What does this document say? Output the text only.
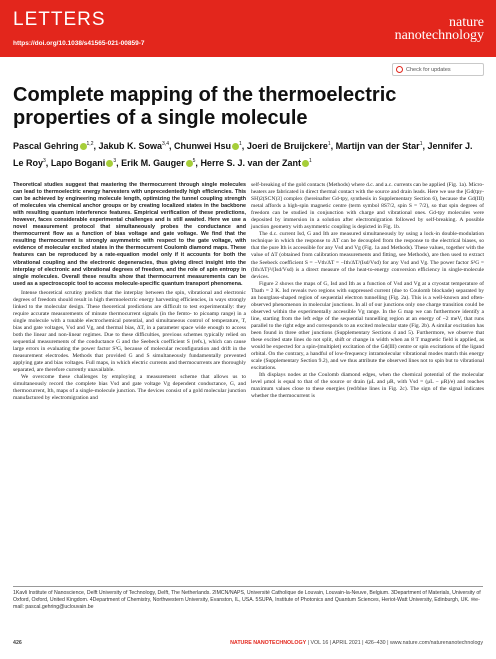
LETTERS
https://doi.org/10.1038/s41565-021-00859-7
nature
nanotechnology
Check for updates
Complete mapping of the thermoelectric properties of a single molecule
Pascal Gehring $^{1,2}$, Jakub K. Sowa$^{3,4}$, Chunwei Hsu $^1$, Joeri de Bruijckere$^1$, Martijn van der Star$^1$, Jennifer J. Le Roy$^3$, Lapo Bogani $^3$, Erik M. Gauger $^5$, Herre S. J. van der Zant $^1$

Theoretical studies suggest that mastering the thermocurrent through single molecules can lead to thermoelectric energy harvesters with unprecedentedly high efficiencies. This can be achieved by engineering molecule length, optimizing the tunnel coupling strength of molecules via chemical anchor groups or by creating localized states in the backbone with resulting quantum interference features. Empirical verification of these predictions, however, faces considerable experimental challenges and is still awaited. Here we use a novel measurement protocol that simultaneously probes the conductance and thermocurrent flow as a function of bias voltage and gate voltage. We find that the resulting thermocurrent is strongly asymmetric with respect to the gate voltage, with evidence of molecular excited states in the thermocurrent Coulomb diamond maps. These features can be reproduced by a rate-equation model only if it accounts for both the vibrational coupling and the electronic degeneracies, thus giving direct insight into the interplay of electronic and vibrational degrees of freedom, and the role of spin entropy in single molecules. Overall these results show that thermocurrent measurements can be used as a spectroscopic tool to access molecule-specific quantum transport phenomena.

Intense theoretical scrutiny predicts that the interplay between the spin, vibrational and electronic degrees of freedom should result in high thermoelectric energy harvesting efficiencies, in ways strongly linked to the molecular design. These theoretical predictions are difficult to test experimentally: they require accurate measurements of minute thermocurrent signals (in the femto- to picoamp range) in a single molecule with a tunable electrochemical potential, and simultaneous control of temperature, T, bias and gate voltages, Vsd and Vg, and thermal bias, ΔT, in a parameter space wide enough to access both the linear and non-linear regimes. Due to these difficulties, previous schemes typically relied on sequential measurements of the conductance G and the Seebeck coefficient S (refs.), which can cause large errors in evaluating the power factor S²G, because of molecular reconfiguration and drift in the measurement electrodes. Methods that provided G and S simultaneously fundamentally prevented applying gate and bias voltages. Full maps, in which electric currents and thermocurrents are thoroughly separated, are therefore currently unavailable.

We overcome these challenges by employing a measurement scheme that allows us to simultaneously record the complete bias Vsd and gate voltage Vg dependent conductance, G, and thermocurrent, Ith, maps of a single-molecule junction. The devices consist of a gold molecular junction manufactured by electromigration and

self-breaking of the gold contacts (Methods) where d.c. and a.c. currents can be applied (Fig. 1a). Micro-heaters are fabricated in direct thermal contact with the source and drain leads. Here we use the [Gd(tpy-SH)2(SCN)3] complex (hereinafter Gd-tpy, synthesis in Supplementary Section 6), because the Gd(III) metal affords a high-spin magnetic centre (term symbol 8S7/2, spin S = 7/2), so that spin degrees of freedom can be studied in conjunction with charge and vibrational ones. Gd-tpy molecules were deposited by immersion in a solution after electromigration followed by self-breaking. A possible junction geometry with asymmetric coupling is depicted in Fig. 1b.

The d.c. current Isd, G and Ith are measured simultaneously by using a lock-in double-modulation technique in which the response to ΔT can be decoupled from the response to the electrical biases, so that the pure Ith is accessible for any Vsd and Vg (Fig. 1a and Methods). These values, together with the value of ΔT (obtained from calibration measurements and fitting, see Methods), are then used to extract the Seebeck coefficient S = −Vth/ΔT = −Ith/ΔT/(Isd/Vsd) for any Vsd and Vg. The power factor S²G = (Ith/ΔT)²/(Isd/Vsd) is a direct measure of the heat-to-energy conversion efficiency in single-molecule devices.

Figure 2 shows the maps of G, Isd and Ith as a function of Vsd and Vg at a cryostat temperature of Tbath = 2 K. Isd reveals two regions with suppressed current (due to Coulomb blockade) separated by an hourglass-shaped region of sequential electron tunnelling (Fig. 2a). This is a well-known and often-observed phenomenon in molecular junctions. In all of our junctions only one charge transition could be observed within the experimentally accessible Vg range. In the G map we can furthermore identify a line, starting from the left edge of the sequential tunnelling region at an energy of ~2 meV, that runs parallel to the right edge and corresponds to an excited molecular state (Fig. 2b). A similar excitation has been found in three other junctions (Supplementary Sections 4 and 5). Furthermore, we observe that these excited state lines do not split, shift or change in width when an 8 T magnetic field is applied, as would be expected for a spin-(multiplet) excitation of the Gd(III) centre or spin excitations of the ligand orbital. On the contrary, a handful of low-frequency intramolecular vibrational modes match this energy scale (Supplementary Section 9.2), and we thus attribute the observed lines not to spin but to vibrational excitations.

Ith displays nodes at the Coulomb diamond edges, when the chemical potential of the molecular level μmol is equal to that of the source or drain (μL and μR, with Vsd = (μL − μR)/e) and reaches maximum values close to these energies (red/blue lines in Fig. 2c). The sign of the signal indicates whether the thermocurrent is

1Kavli Institute of Nanoscience, Delft University of Technology, Delft, The Netherlands. 2IMCN/NAPS, Université Catholique de Louvain, Louvain-la-Neuve, Belgium. 3Department of Materials, University of Oxford, Oxford, United Kingdom. 4Department of Chemistry, Northwestern University, Evanston, IL, USA. 5SUPA, Institute of Photonics and Quantum Sciences, Heriot-Watt University, Edinburgh, UK. ✉e-mail: pascal.gehring@uclouvain.be
426	NATURE NANOTECHNOLOGY | VOL 16 | APRIL 2021 | 426–430 | www.nature.com/naturenanotechnology
